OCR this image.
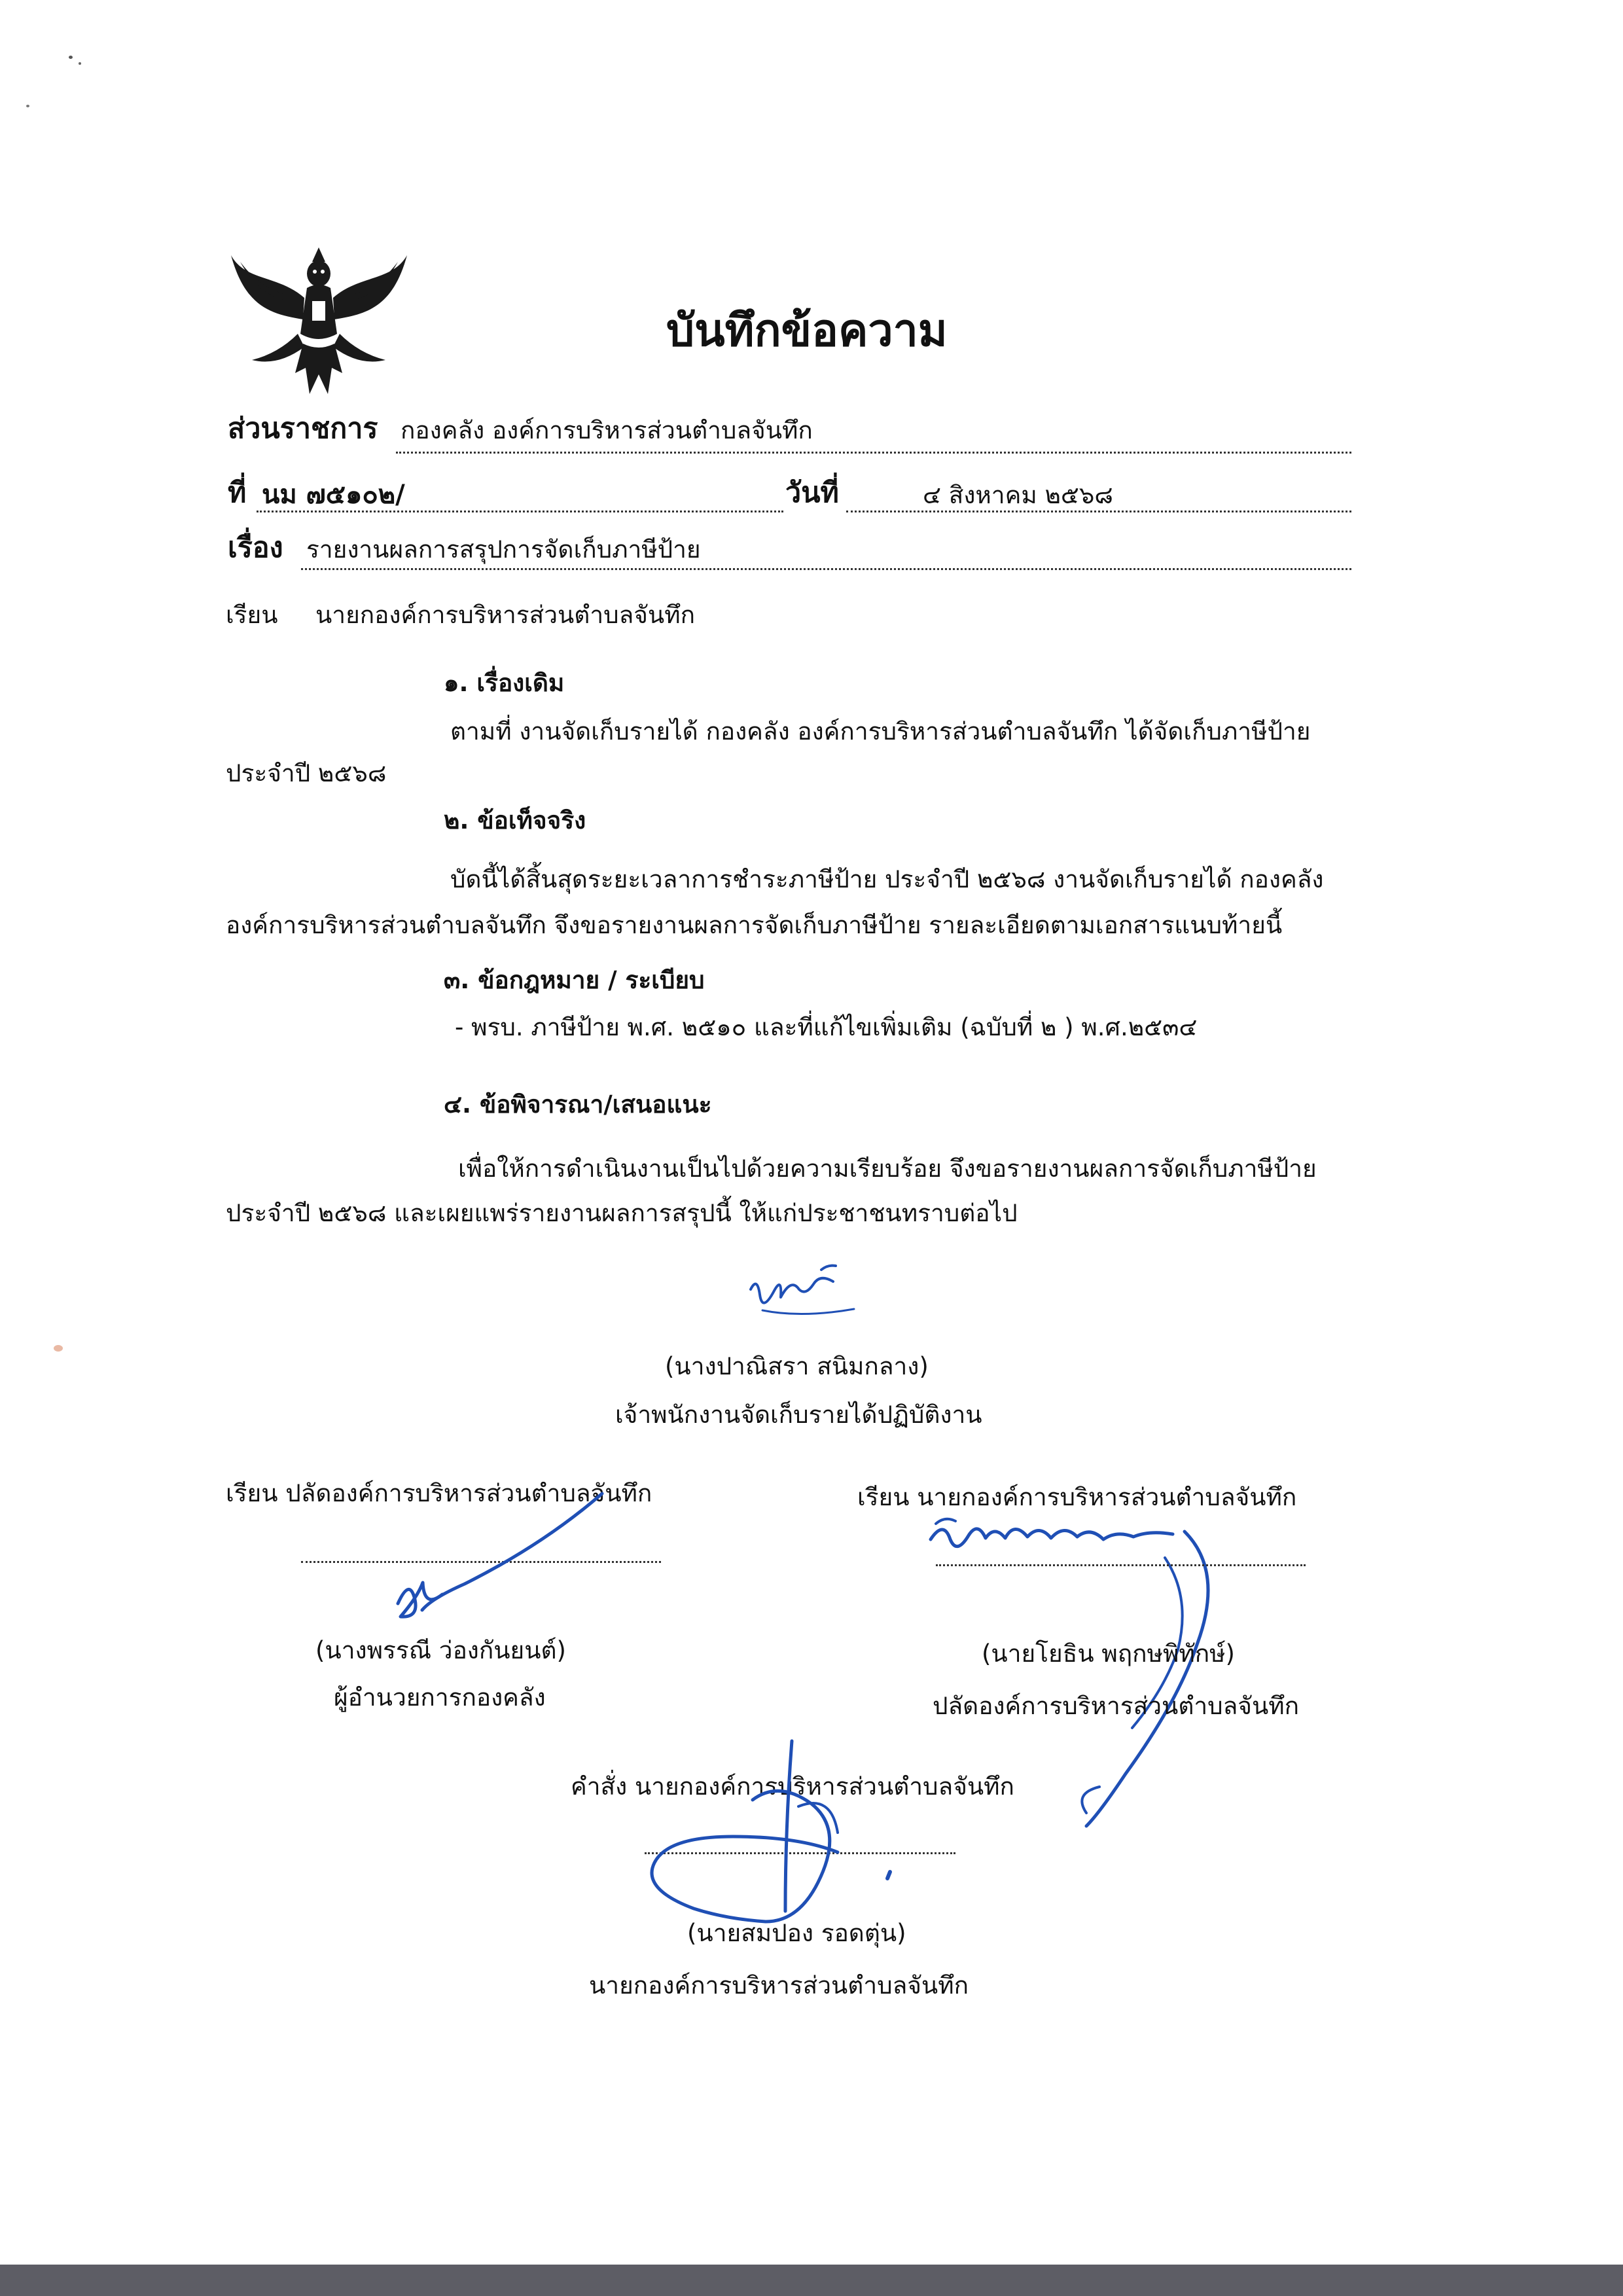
บันทึกข้อความ
ส่วนราชการ กองคลัง องค์การบริหารส่วนตำบลจันทึก
ที่ นม ๗๕๑๐๒/	วันที่	๔ สิงหาคม ๒๕๖๘
เรื่อง รายงานผลการสรุปการจัดเก็บภาษีป้าย
เรียน นายกองค์การบริหารส่วนตำบลจันทึก
๑. เรื่องเดิม
ตามที่ งานจัดเก็บรายได้ กองคลัง องค์การบริหารส่วนตำบลจันทึก ได้จัดเก็บภาษีป้าย
ประจำปี ๒๕๖๘
๒. ข้อเท็จจริง
บัดนี้ได้สิ้นสุดระยะเวลาการชำระภาษีป้าย ประจำปี ๒๕๖๘ งานจัดเก็บรายได้ กองคลัง
องค์การบริหารส่วนตำบลจันทึก จึงขอรายงานผลการจัดเก็บภาษีป้าย รายละเอียดตามเอกสารแนบท้ายนี้
๓. ข้อกฎหมาย / ระเบียบ
- พรบ. ภาษีป้าย พ.ศ. ๒๕๑๐ และที่แก้ไขเพิ่มเติม (ฉบับที่ ๒ ) พ.ศ.๒๕๓๔
๔. ข้อพิจารณา/เสนอแนะ
เพื่อให้การดำเนินงานเป็นไปด้วยความเรียบร้อย จึงขอรายงานผลการจัดเก็บภาษีป้าย
ประจำปี ๒๕๖๘ และเผยแพร่รายงานผลการสรุปนี้ ให้แก่ประชาชนทราบต่อไป
(นางปาณิสรา สนิมกลาง)
เจ้าพนักงานจัดเก็บรายได้ปฏิบัติงาน
เรียน ปลัดองค์การบริหารส่วนตำบลจันทึก
(นางพรรณี ว่องกันยนต์)
ผู้อำนวยการกองคลัง
เรียน นายกองค์การบริหารส่วนตำบลจันทึก
(นายโยธิน พฤกษพิทักษ์)
ปลัดองค์การบริหารส่วนตำบลจันทึก
คำสั่ง นายกองค์การบริหารส่วนตำบลจันทึก
(นายสมปอง รอดตุ่น)
นายกองค์การบริหารส่วนตำบลจันทึก
